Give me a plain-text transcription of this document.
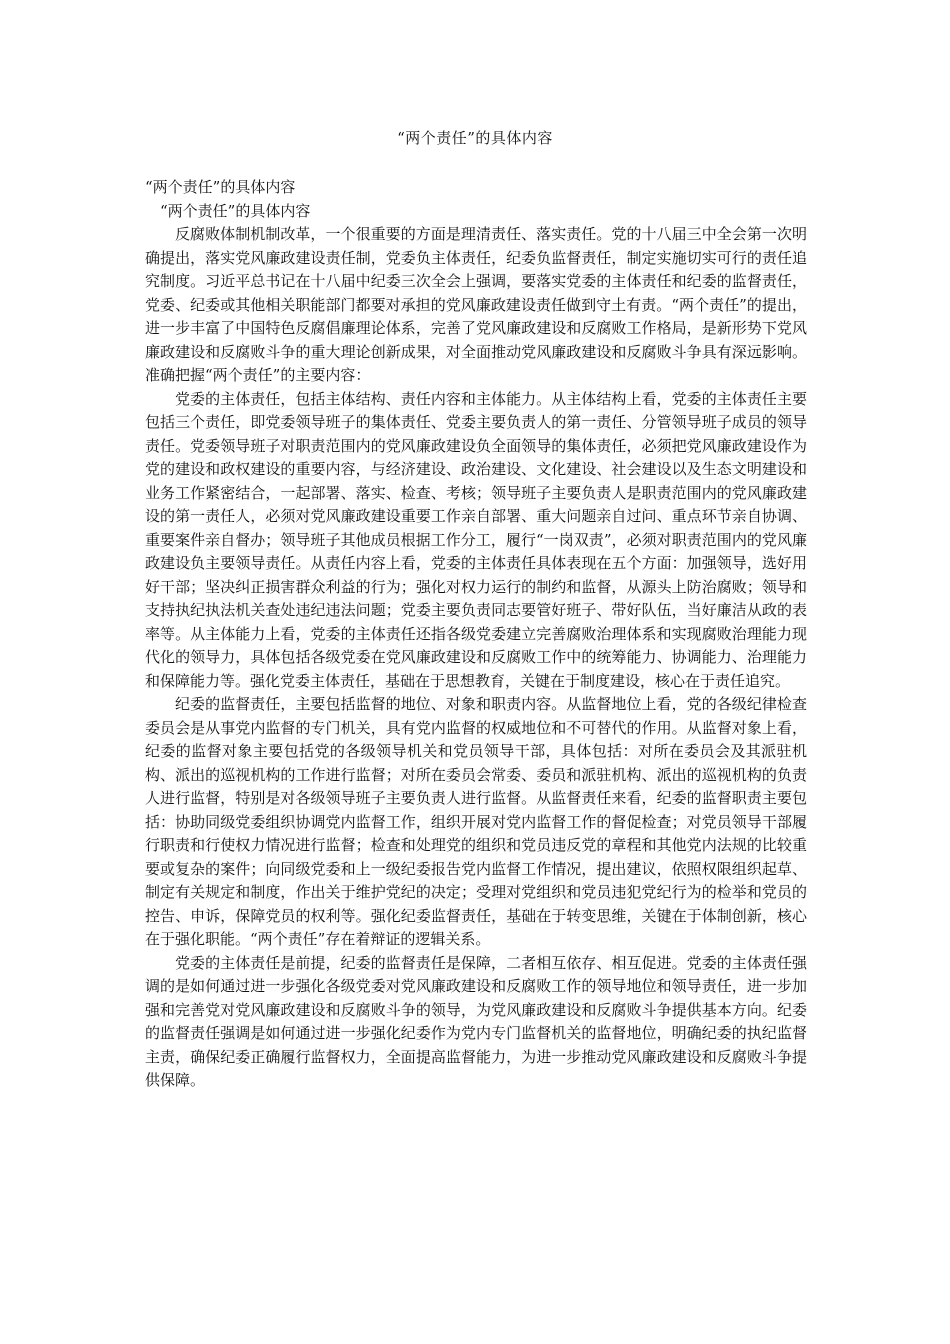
“两个责任”的具体内容

“两个责任”的具体内容

“两个责任”的具体内容

反腐败体制机制改革，一个很重要的方面是理清责任、落实责任。党的十八届三中全会第一次明确提出，落实党风廉政建设责任制，党委负主体责任，纪委负监督责任，制定实施切实可行的责任追究制度。习近平总书记在十八届中纪委三次全会上强调，要落实党委的主体责任和纪委的监督责任，党委、纪委或其他相关职能部门都要对承担的党风廉政建设责任做到守土有责。“两个责任”的提出，进一步丰富了中国特色反腐倡廉理论体系，完善了党风廉政建设和反腐败工作格局，是新形势下党风廉政建设和反腐败斗争的重大理论创新成果，对全面推动党风廉政建设和反腐败斗争具有深远影响。准确把握“两个责任”的主要内容：

党委的主体责任，包括主体结构、责任内容和主体能力。从主体结构上看，党委的主体责任主要包括三个责任，即党委领导班子的集体责任、党委主要负责人的第一责任、分管领导班子成员的领导责任。党委领导班子对职责范围内的党风廉政建设负全面领导的集体责任，必须把党风廉政建设作为党的建设和政权建设的重要内容，与经济建设、政治建设、文化建设、社会建设以及生态文明建设和业务工作紧密结合，一起部署、落实、检查、考核；领导班子主要负责人是职责范围内的党风廉政建设的第一责任人，必须对党风廉政建设重要工作亲自部署、重大问题亲自过问、重点环节亲自协调、重要案件亲自督办；领导班子其他成员根据工作分工，履行“一岗双责”，必须对职责范围内的党风廉政建设负主要领导责任。从责任内容上看，党委的主体责任具体表现在五个方面：加强领导，选好用好干部；坚决纠正损害群众利益的行为；强化对权力运行的制约和监督，从源头上防治腐败；领导和支持执纪执法机关查处违纪违法问题；党委主要负责同志要管好班子、带好队伍，当好廉洁从政的表率等。从主体能力上看，党委的主体责任还指各级党委建立完善腐败治理体系和实现腐败治理能力现代化的领导力，具体包括各级党委在党风廉政建设和反腐败工作中的统筹能力、协调能力、治理能力和保障能力等。强化党委主体责任，基础在于思想教育，关键在于制度建设，核心在于责任追究。

纪委的监督责任，主要包括监督的地位、对象和职责内容。从监督地位上看，党的各级纪律检查委员会是从事党内监督的专门机关，具有党内监督的权威地位和不可替代的作用。从监督对象上看，纪委的监督对象主要包括党的各级领导机关和党员领导干部，具体包括：对所在委员会及其派驻机构、派出的巡视机构的工作进行监督；对所在委员会常委、委员和派驻机构、派出的巡视机构的负责人进行监督，特别是对各级领导班子主要负责人进行监督。从监督责任来看，纪委的监督职责主要包括：协助同级党委组织协调党内监督工作，组织开展对党内监督工作的督促检查；对党员领导干部履行职责和行使权力情况进行监督；检查和处理党的组织和党员违反党的章程和其他党内法规的比较重要或复杂的案件；向同级党委和上一级纪委报告党内监督工作情况，提出建议，依照权限组织起草、制定有关规定和制度，作出关于维护党纪的决定；受理对党组织和党员违犯党纪行为的检举和党员的控告、申诉，保障党员的权利等。强化纪委监督责任，基础在于转变思维，关键在于体制创新，核心在于强化职能。“两个责任”存在着辩证的逻辑关系。

党委的主体责任是前提，纪委的监督责任是保障，二者相互依存、相互促进。党委的主体责任强调的是如何通过进一步强化各级党委对党风廉政建设和反腐败工作的领导地位和领导责任，进一步加强和完善党对党风廉政建设和反腐败斗争的领导，为党风廉政建设和反腐败斗争提供基本方向。纪委的监督责任强调是如何通过进一步强化纪委作为党内专门监督机关的监督地位，明确纪委的执纪监督主责，确保纪委正确履行监督权力，全面提高监督能力，为进一步推动党风廉政建设和反腐败斗争提供保障。
